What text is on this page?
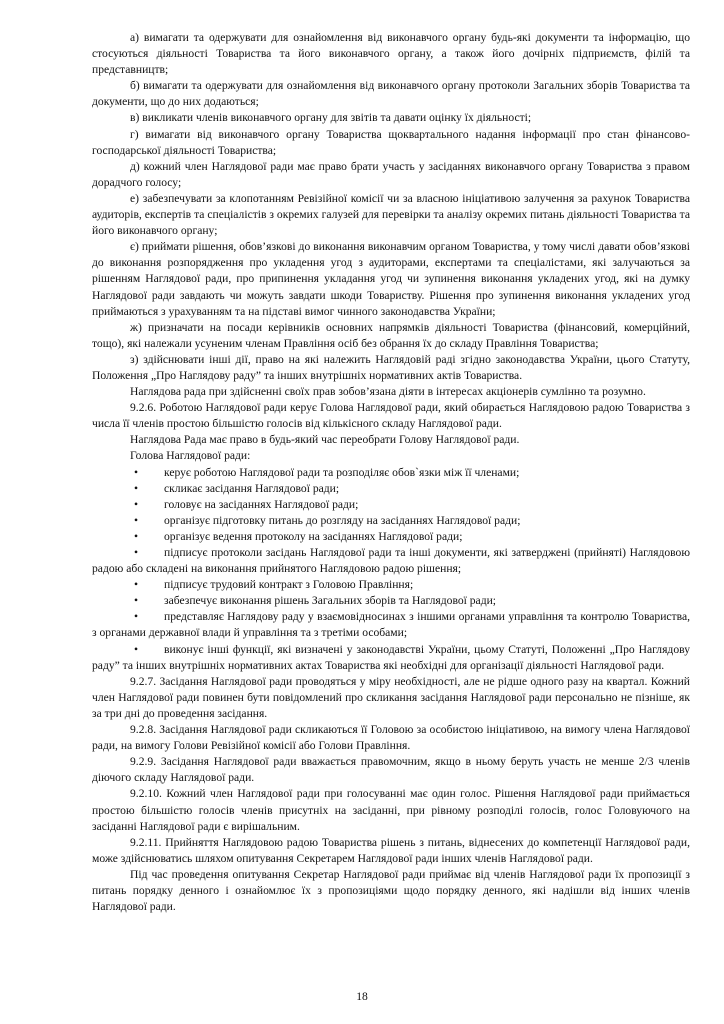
а) вимагати та одержувати для ознайомлення від виконавчого органу будь-які документи та інформацію, що стосуються діяльності Товариства та його виконавчого органу, а також його дочірніх підприємств, філій та представництв;

б) вимагати та одержувати для ознайомлення від виконавчого органу протоколи Загальних зборів Товариства та документи, що до них додаються;

в) викликати членів виконавчого органу для звітів та давати оцінку їх діяльності;

г) вимагати від виконавчого органу Товариства щоквартального надання інформації про стан фінансово-господарської діяльності Товариства;

д) кожний член Наглядової ради має право брати участь у засіданнях виконавчого органу Товариства з правом дорадчого голосу;

е) забезпечувати за клопотанням Ревізійної комісії чи за власною ініціативою залучення за рахунок Товариства аудиторів, експертів та спеціалістів з окремих галузей для перевірки та аналізу окремих питань діяльності Товариства та його виконавчого органу;

є) приймати рішення, обов’язкові до виконання виконавчим органом Товариства, у тому числі давати обов’язкові до виконання розпорядження про укладення угод з аудиторами, експертами та спеціалістами, які залучаються за рішенням Наглядової ради, про припинення укладання угод чи зупинення виконання укладених угод, які на думку Наглядової ради завдають чи можуть завдати шкоди Товариству. Рішення про зупинення виконання укладених угод приймаються з урахуванням та на підставі вимог чинного законодавства України;

ж) призначати на посади керівників основних напрямків діяльності Товариства (фінансовий, комерційний, тощо), які належали усуненим членам Правління осіб без обрання їх до складу Правління Товариства;

з) здійснювати інші дії, право на які належить Наглядовій раді згідно законодавства України, цього Статуту, Положення „Про Наглядову раду” та інших внутрішніх нормативних актів Товариства.

Наглядова рада при здійсненні своїх прав зобов’язана діяти в інтересах акціонерів сумлінно та розумно.

9.2.6. Роботою Наглядової ради керує Голова Наглядової ради, який обирається Наглядовою радою Товариства з числа її членів простою більшістю голосів від кількісного складу Наглядової ради.

Наглядова Рада має право в будь-який час переобрати Голову Наглядової ради.

Голова Наглядової ради:

• керує роботою Наглядової ради та розподіляє обов`язки між її членами;
• скликає засідання Наглядової ради;
• головує на засіданнях Наглядової ради;
• організує підготовку питань до розгляду на засіданнях Наглядової ради;
• організує ведення протоколу на засіданнях Наглядової ради;
• підписує протоколи засідань Наглядової ради та інші документи, які затверджені (прийняті) Наглядовою радою або складені на виконання прийнятого Наглядовою радою рішення;
• підписує трудовий контракт з Головою Правління;
• забезпечує виконання рішень Загальних зборів та Наглядової ради;
• представляє Наглядову раду у взаємовідносинах з іншими органами управління та контролю Товариства, з органами державної влади й управління та з третіми особами;
• виконує інші функції, які визначені у законодавстві України, цьому Статуті, Положенні „Про Наглядову раду” та інших внутрішніх нормативних актах Товариства які необхідні для організації діяльності Наглядової ради.

9.2.7. Засідання Наглядової ради проводяться у міру необхідності, але не рідше одного разу на квартал. Кожний член Наглядової ради повинен бути повідомлений про скликання засідання Наглядової ради персонально не пізніше, як за три дні до проведення засідання.

9.2.8. Засідання Наглядової ради скликаються її Головою за особистою ініціативою, на вимогу члена Наглядової ради, на вимогу Голови Ревізійної комісії або Голови Правління.

9.2.9. Засідання Наглядової ради вважається правомочним, якщо в ньому беруть участь не менше 2/3 членів діючого складу Наглядової ради.

9.2.10. Кожний член Наглядової ради при голосуванні має один голос. Рішення Наглядової ради приймається простою більшістю голосів членів присутніх на засіданні, при рівному розподілі голосів, голос Головуючого на засіданні Наглядової ради є вирішальним.

9.2.11. Прийняття Наглядовою радою Товариства рішень з питань, віднесених до компетенції Наглядової ради, може здійснюватись шляхом опитування Секретарем Наглядової ради інших членів Наглядової ради.

Під час проведення опитування Секретар Наглядової ради приймає від членів Наглядової ради їх пропозиції з питань порядку денного і ознайомлює їх з пропозиціями щодо порядку денного, які надішли від інших членів Наглядової ради.

18
